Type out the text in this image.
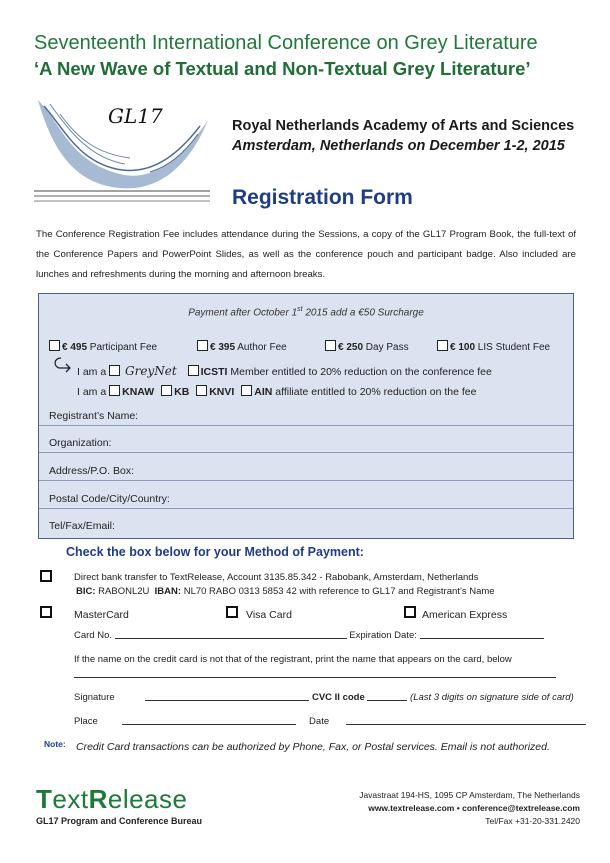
Seventeenth International Conference on Grey Literature
‘A New Wave of Textual and Non-Textual Grey Literature’
GL17	Royal Netherlands Academy of Arts and Sciences
Amsterdam, Netherlands on December 1-2, 2015
Registration Form
The Conference Registration Fee includes attendance during the Sessions, a copy of the GL17 Program Book, the full-text of the Conference Papers and PowerPoint Slides, as well as the conference pouch and participant badge. Also included are lunches and refreshments during the morning and afternoon breaks.
Payment after October 1st 2015 add a €50 Surcharge
€ 495 Participant Fee	€ 395 Author Fee	€ 250 Day Pass	€ 100 LIS Student Fee
I am a GreyNet ICSTI Member entitled to 20% reduction on the conference fee
I am a KNAW KB KNVI AIN affiliate entitled to 20% reduction on the fee
Registrant’s Name:
Organization:
Address/P.O. Box:
Postal Code/City/Country:
Tel/Fax/Email:
Check the box below for your Method of Payment:
Direct bank transfer to TextRelease, Account 3135.85.342 - Rabobank, Amsterdam, Netherlands
BIC: RABONL2U IBAN: NL70 RABO 0313 5853 42 with reference to GL17 and Registrant’s Name
MasterCard	Visa Card	American Express
Card No.	Expiration Date:
If the name on the credit card is not that of the registrant, print the name that appears on the card, below
Signature	CVC II code	(Last 3 digits on signature side of card)
Place	Date
Note: Credit Card transactions can be authorized by Phone, Fax, or Postal services. Email is not authorized.
TextRelease
GL17 Program and Conference Bureau
Javastraat 194-HS, 1095 CP Amsterdam, The Netherlands
www.textrelease.com • conference@textrelease.com
Tel/Fax +31-20-331.2420
